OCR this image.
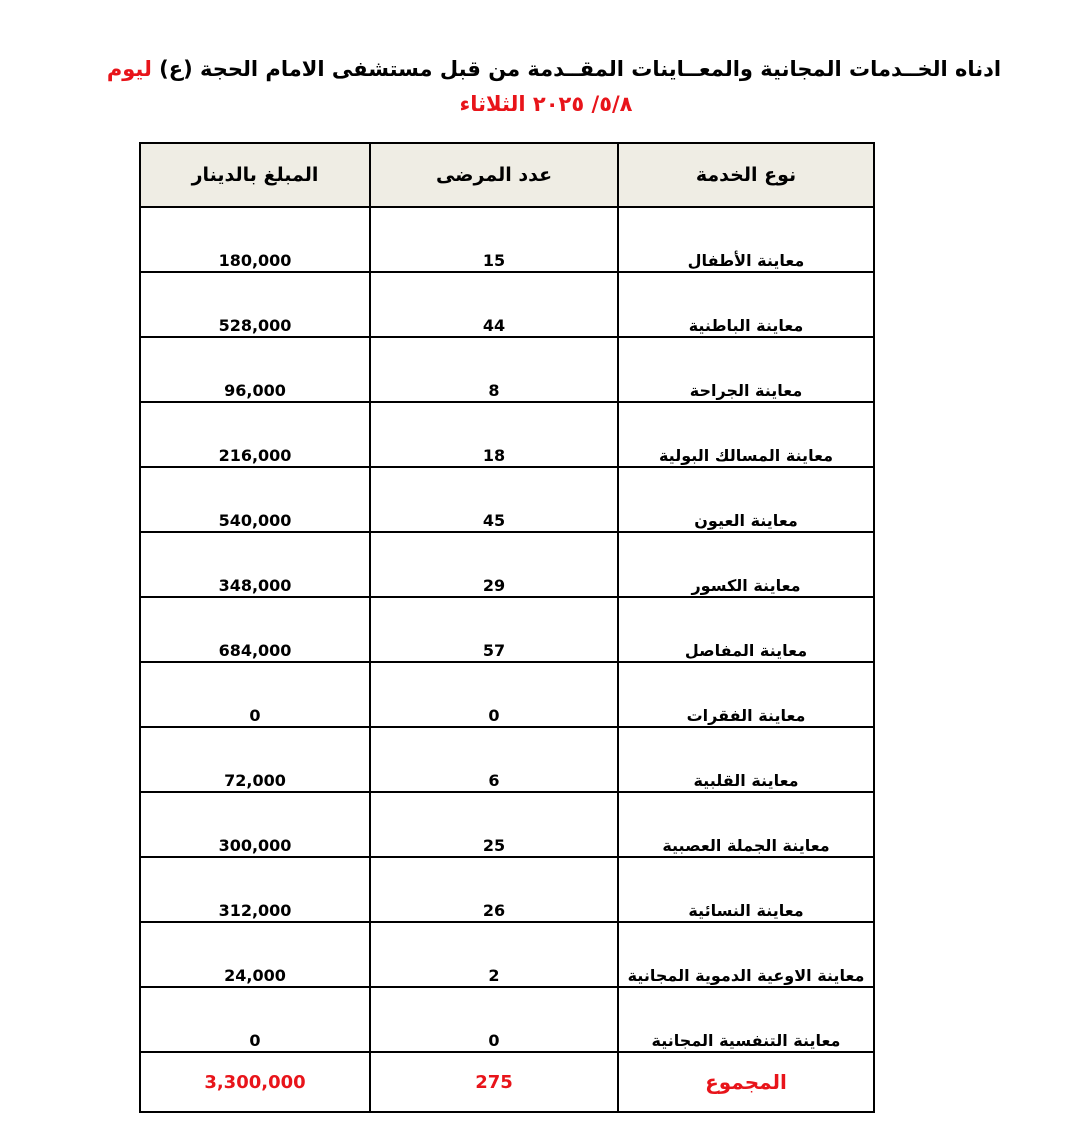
ادناه الخــدمات المجانية والمعــاينات المقــدمة من قبل مستشفى الامام الحجة (ع) ليوم
٥/٨/ ٢٠٢٥ الثلاثاء
المبلغ بالدينار	عدد المرضى	نوع الخدمة
180,000	15	معاينة الأطفال
528,000	44	معاينة الباطنية
96,000	8	معاينة الجراحة
216,000	18	معاينة المسالك البولية
540,000	45	معاينة العيون
348,000	29	معاينة الكسور
684,000	57	معاينة المفاصل
0	0	معاينة الفقرات
72,000	6	معاينة القلبية
300,000	25	معاينة الجملة العصبية
312,000	26	معاينة النسائية
24,000	2	معاينة الاوعية الدموية المجانية
0	0	معاينة التنفسية المجانية
3,300,000	275	المجموع
